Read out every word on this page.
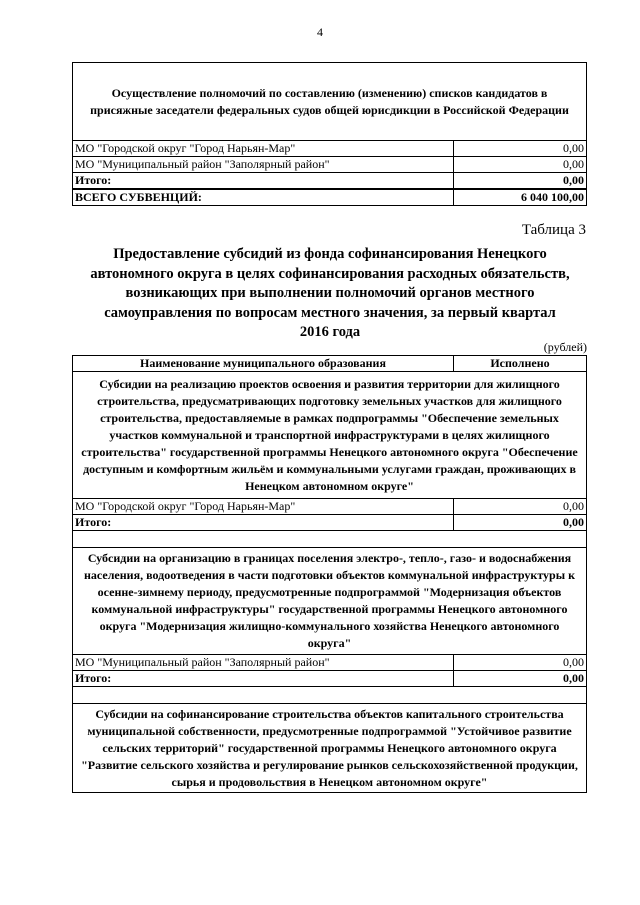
4
Осуществление полномочий по составлению (изменению) списков кандидатов в присяжные заседатели федеральных судов общей юрисдикции в Российской Федерации	
МО "Городской округ "Город Нарьян-Мар"	0,00
МО "Муниципальный район "Заполярный район"	0,00
Итого:	0,00
ВСЕГО СУБВЕНЦИЙ:	6 040 100,00
Таблица 3
Предоставление субсидий из фонда софинансирования Ненецкого автономного округа в целях софинансирования расходных обязательств, возникающих при выполнении полномочий органов местного самоуправления по вопросам местного значения, за первый квартал 2016 года
(рублей)
Наименование муниципального образования	Исполнено
Субсидии на реализацию проектов освоения и развития территории для жилищного строительства, предусматривающих подготовку земельных участков для жилищного строительства, предоставляемые в рамках подпрограммы "Обеспечение земельных участков коммунальной и транспортной инфраструктурами в целях жилищного строительства" государственной программы Ненецкого автономного округа "Обеспечение доступным и комфортным жильём и коммунальными услугами граждан, проживающих в Ненецком автономном округе"	
МО "Городской округ "Город Нарьян-Мар"	0,00
Итого:	0,00

Субсидии на организацию в границах поселения электро-, тепло-, газо- и водоснабжения населения, водоотведения в части подготовки объектов коммунальной инфраструктуры к осенне-зимнему периоду, предусмотренные подпрограммой "Модернизация объектов коммунальной инфраструктуры" государственной программы Ненецкого автономного округа "Модернизация жилищно-коммунального хозяйства Ненецкого автономного округа"	
МО "Муниципальный район "Заполярный район"	0,00
Итого:	0,00

Субсидии на софинансирование строительства объектов капитального строительства муниципальной собственности, предусмотренные подпрограммой "Устойчивое развитие сельских территорий" государственной программы Ненецкого автономного округа "Развитие сельского хозяйства и регулирование рынков сельскохозяйственной продукции, сырья и продовольствия в Ненецком автономном округе"	
